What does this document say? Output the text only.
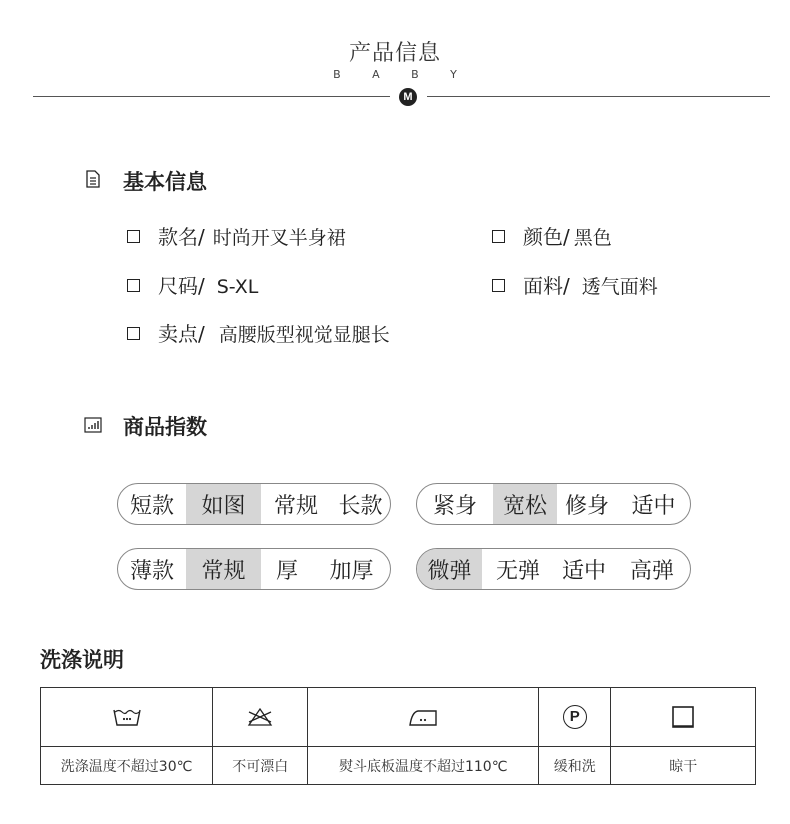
产品信息
B A B Y
M
基本信息
款名/ 时尚开叉半身裙	颜色/ 黑色
尺码/ S-XL	面料/ 透气面料
卖点/ 高腰版型视觉显腿长
商品指数
短款	如图	常规 长款	紧身	宽松 修身	适中
薄款	常规	厚	加厚	微弹	无弹 适中	高弹
洗涤说明
			P	
洗涤温度不超过30℃	不可漂白	熨斗底板温度不超过110℃	缓和洗	晾干
